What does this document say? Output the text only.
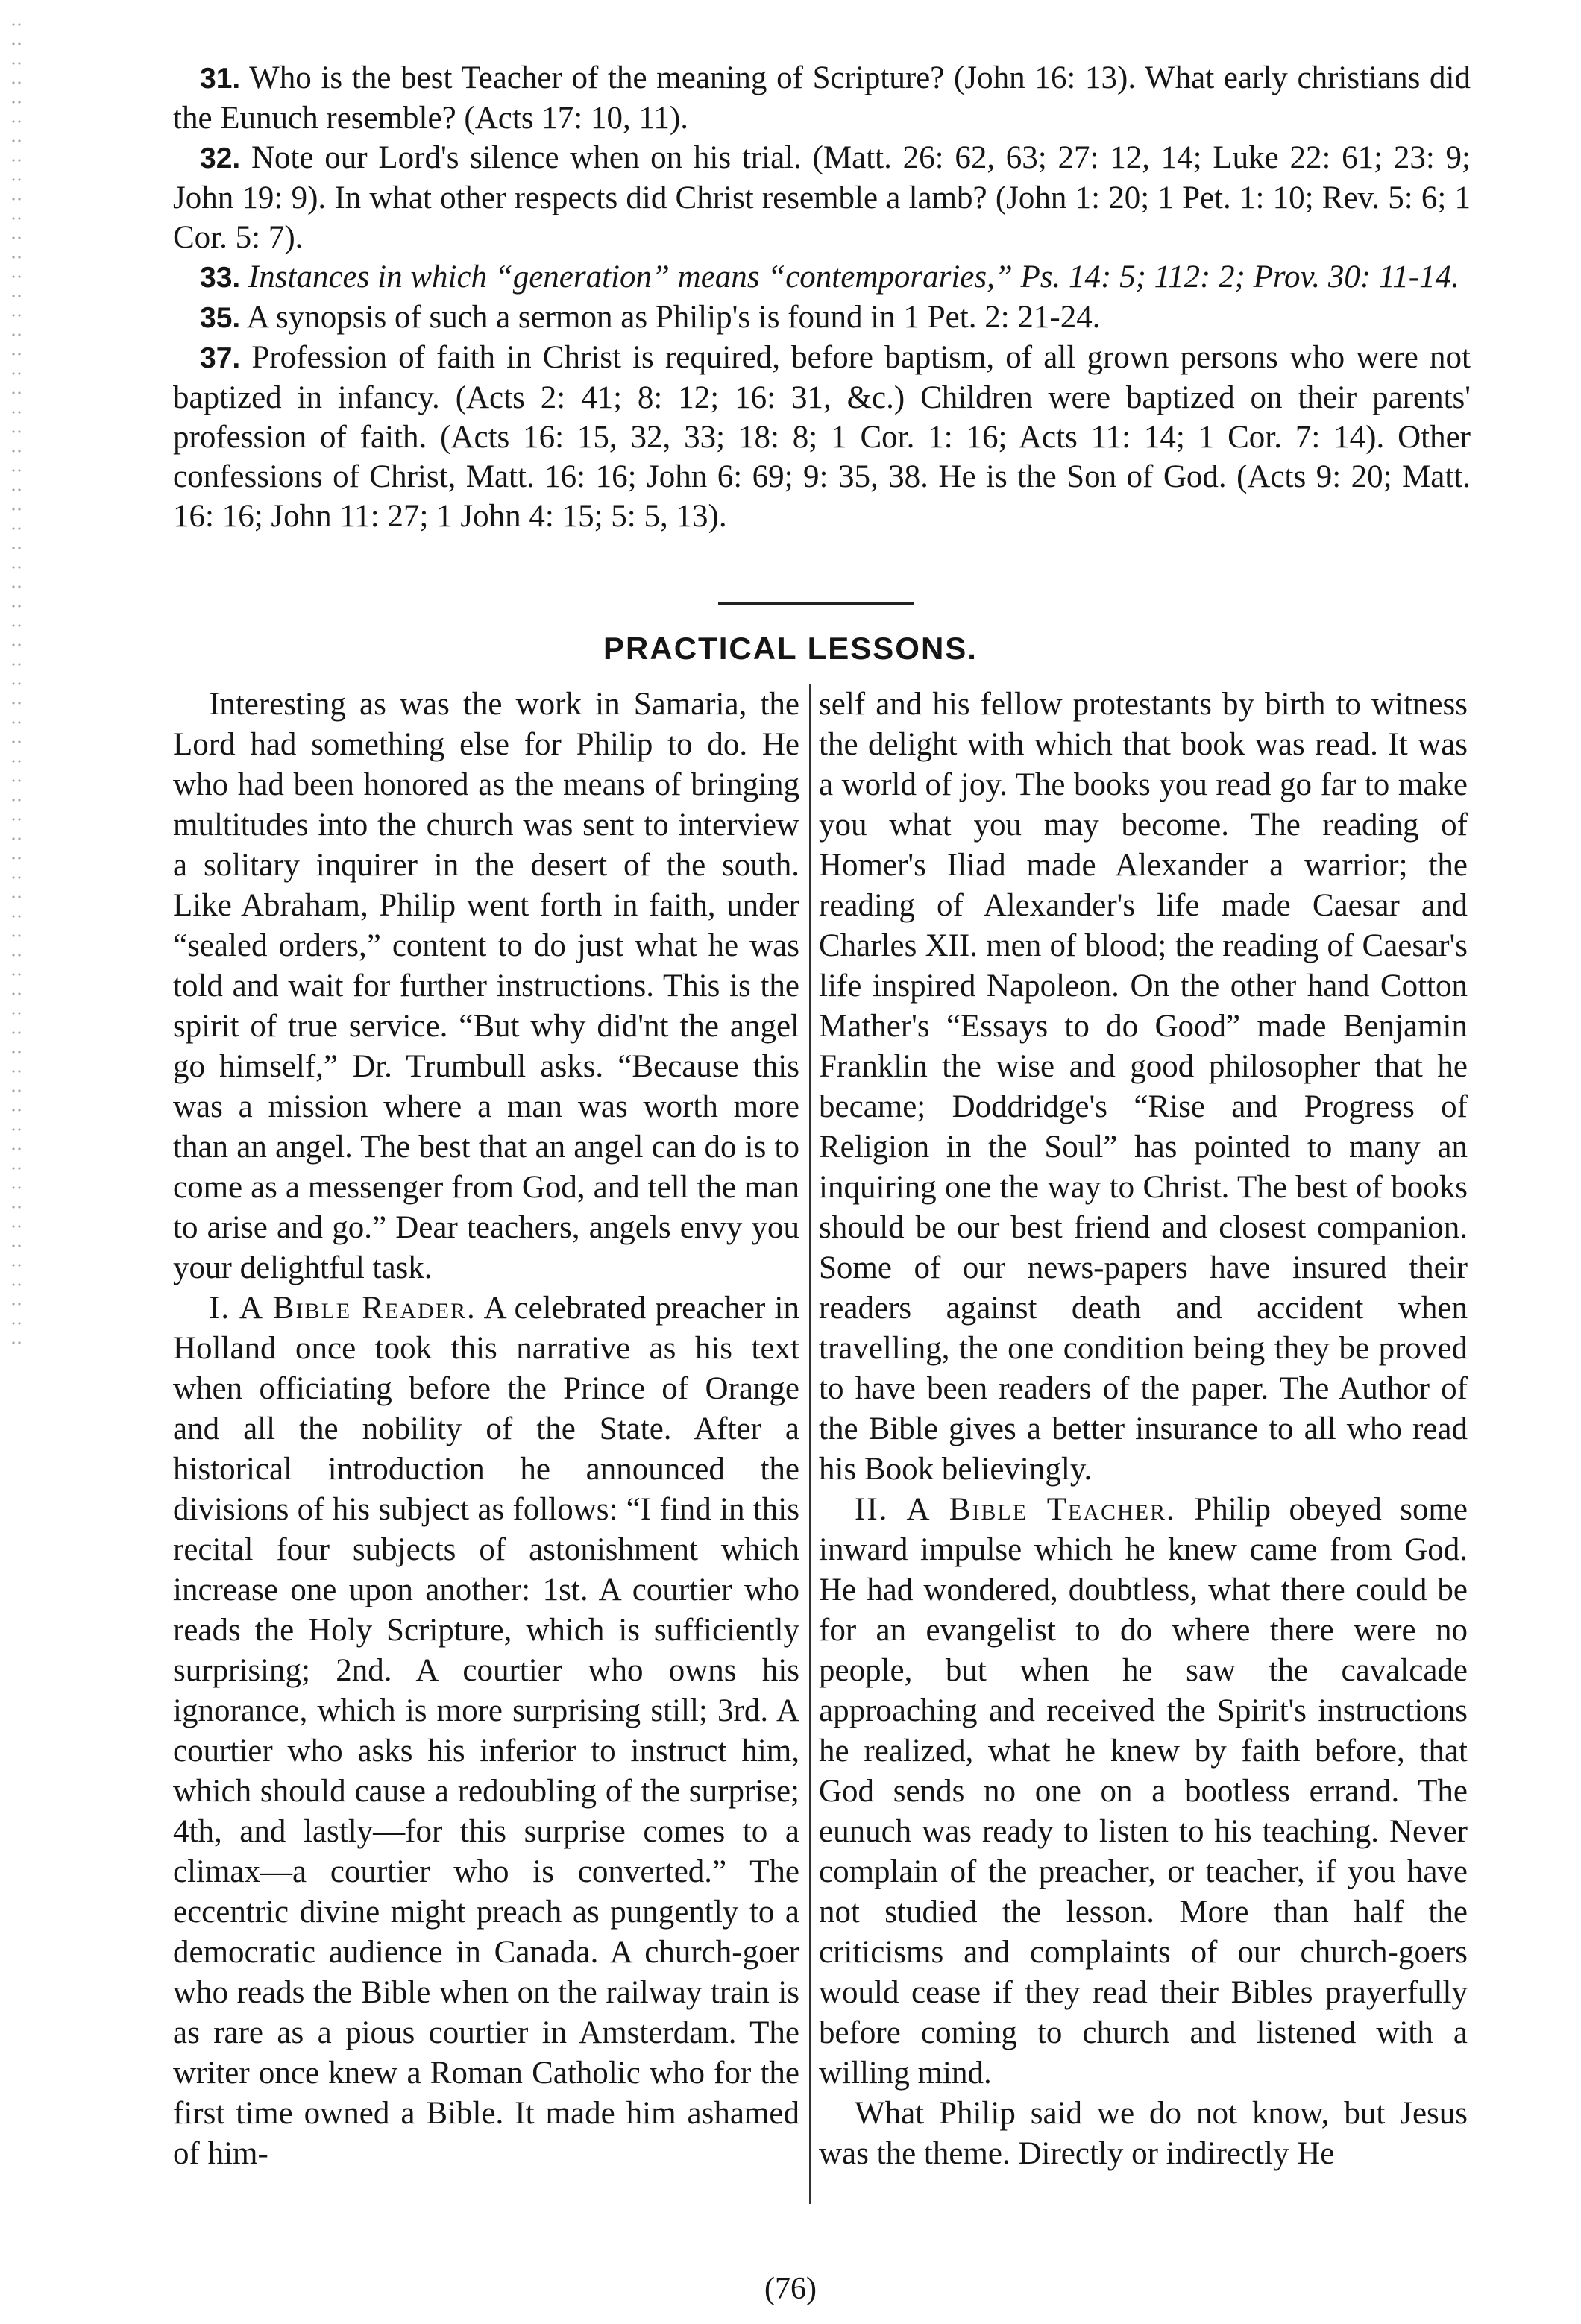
31. Who is the best Teacher of the meaning of Scripture? (John 16: 13). What early christians did the Eunuch resemble? (Acts 17: 10, 11).

32. Note our Lord's silence when on his trial. (Matt. 26: 62, 63; 27: 12, 14; Luke 22: 61; 23: 9; John 19: 9). In what other respects did Christ resemble a lamb? (John 1: 20; 1 Pet. 1: 10; Rev. 5: 6; 1 Cor. 5: 7).

33. Instances in which “generation” means “contemporaries,” Ps. 14: 5; 112: 2; Prov. 30: 11-14.

35. A synopsis of such a sermon as Philip's is found in 1 Pet. 2: 21-24.

37. Profession of faith in Christ is required, before baptism, of all grown persons who were not baptized in infancy. (Acts 2: 41; 8: 12; 16: 31, &c.) Children were baptized on their parents' profession of faith. (Acts 16: 15, 32, 33; 18: 8; 1 Cor. 1: 16; Acts 11: 14; 1 Cor. 7: 14). Other confessions of Christ, Matt. 16: 16; John 6: 69; 9: 35, 38. He is the Son of God. (Acts 9: 20; Matt. 16: 16; John 11: 27; 1 John 4: 15; 5: 5, 13).

PRACTICAL LESSONS.

Interesting as was the work in Samaria, the Lord had something else for Philip to do. He who had been honored as the means of bringing multitudes into the church was sent to interview a solitary inquirer in the desert of the south. Like Abraham, Philip went forth in faith, under “sealed orders,” content to do just what he was told and wait for further instructions. This is the spirit of true service. “But why did'nt the angel go himself,” Dr. Trumbull asks. “Because this was a mission where a man was worth more than an angel. The best that an angel can do is to come as a messenger from God, and tell the man to arise and go.” Dear teachers, angels envy you your delightful task.

I. A Bible Reader. A celebrated preacher in Holland once took this narrative as his text when officiating before the Prince of Orange and all the nobility of the State. After a historical introduction he announced the divisions of his subject as follows: “I find in this recital four subjects of astonishment which increase one upon another: 1st. A courtier who reads the Holy Scripture, which is sufficiently surprising; 2nd. A courtier who owns his ignorance, which is more surprising still; 3rd. A courtier who asks his inferior to instruct him, which should cause a redoubling of the surprise; 4th, and lastly—for this surprise comes to a climax—a courtier who is converted.” The eccentric divine might preach as pungently to a democratic audience in Canada. A church-goer who reads the Bible when on the railway train is as rare as a pious courtier in Amsterdam. The writer once knew a Roman Catholic who for the first time owned a Bible. It made him ashamed of him-

self and his fellow protestants by birth to witness the delight with which that book was read. It was a world of joy. The books you read go far to make you what you may become. The reading of Homer's Iliad made Alexander a warrior; the reading of Alexander's life made Caesar and Charles XII. men of blood; the reading of Caesar's life inspired Napoleon. On the other hand Cotton Mather's “Essays to do Good” made Benjamin Franklin the wise and good philosopher that he became; Doddridge's “Rise and Progress of Religion in the Soul” has pointed to many an inquiring one the way to Christ. The best of books should be our best friend and closest companion. Some of our news-papers have insured their readers against death and accident when travelling, the one condition being they be proved to have been readers of the paper. The Author of the Bible gives a better insurance to all who read his Book believingly.

II. A Bible Teacher. Philip obeyed some inward impulse which he knew came from God. He had wondered, doubtless, what there could be for an evangelist to do where there were no people, but when he saw the cavalcade approaching and received the Spirit's instructions he realized, what he knew by faith before, that God sends no one on a bootless errand. The eunuch was ready to listen to his teaching. Never complain of the preacher, or teacher, if you have not studied the lesson. More than half the criticisms and complaints of our church-goers would cease if they read their Bibles prayerfully before coming to church and listened with a willing mind.

What Philip said we do not know, but Jesus was the theme. Directly or indirectly He

(76)
